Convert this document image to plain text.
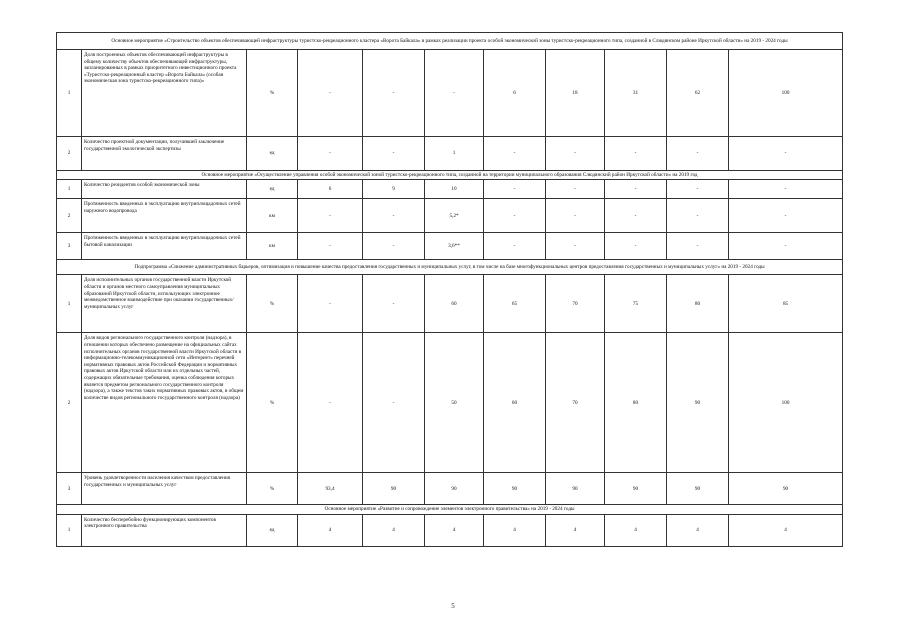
Основное мероприятие «Строительство объектов обеспечивающей инфраструктуры туристско-рекреационного кластера «Ворота Байкала» в рамках реализации проекта особой экономической зоны туристско-рекреационного типа, созданной в Слюдянском районе Иркутской области» на 2019 - 2024 годы										
1	Доля построенных объектов обеспечивающей инфраструктуры в общему количеству объектов обеспечивающей инфраструктуры, запланированных в рамках приоритетного инвестиционного проекта «Туристско-рекреационный кластер «Ворота Байкала» (особая экономическая зона туристско-рекреационного типа)»	%	-	-	-	6	18	31	62	100
2	Количество проектной документации, получившей заключение государственной экологической экспертизы	ед	-	-	1	-	-	-	-	-
Основное мероприятие «Осуществление управления особой экономической зоной туристско-рекреационного типа, созданной на территории муниципального образования Слюдянский район Иркутской области» на 2019 год										
1	Количество резидентов особой экономической зоны	ед	6	9	10	-	-	-	-	-
2	Протяженность введенных в эксплуатацию внутриплощадочных сетей наружного водопровода	км	-	-	5,2*	-	-	-	-	-
3	Протяженность введенных в эксплуатацию внутриплощадочных сетей бытовой канализации	км	-	-	3,6**	-	-	-	-	-
Подпрограмма «Снижение административных барьеров, оптимизация и повышение качества предоставления государственных и муниципальных услуг, в том числе на базе многофункциональных центров предоставления государственных и муниципальных услуг» на 2019 - 2024 годы										
1	Доля исполнительных органов государственной власти Иркутской области и органов местного самоуправления муниципальных образований Иркутской области, использующих электронное межведомственное взаимодействие при оказании государственных/муниципальных услуг	%	-	-	60	65	70	75	80	85
2	Доля видов регионального государственного контроля (надзора), в отношении которых обеспечено размещение на официальных сайтах исполнительных органов государственной власти Иркутской области в информационно-телекоммуникационной сети «Интернет» перечней нормативных правовых актов Российской Федерации и нормативных правовых актов Иркутской области или их отдельных частей, содержащих обязательные требования, оценка соблюдения которых является предметом регионального государственного контроля (надзора), а также текстов таких нормативных правовых актов, в общем количестве видов регионального государственного контроля (надзора)	%	-	-	50	60	70	80	90	100
3	Уровень удовлетворенности населения качеством предоставления государственных и муниципальных услуг	%	93,4	90	90	90	90	90	90	90
Основное мероприятие «Развитие и сопровождение элементов электронного правительства» на 2019 - 2024 годы										
1	Количество бесперебойно функционирующих компонентов электронного правительства	ед	4	4	4	4	4	4	4	4
5
